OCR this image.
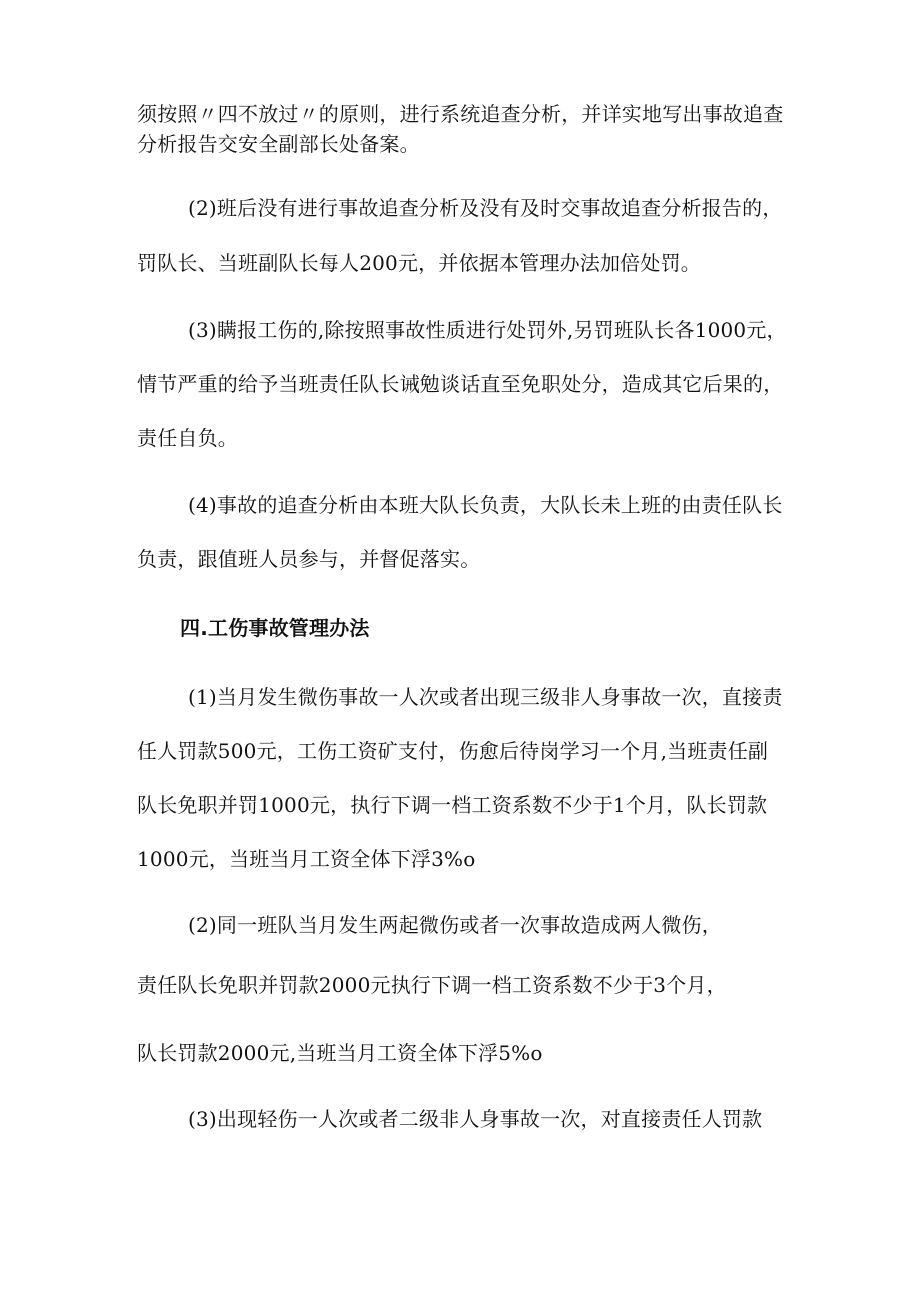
须按照〃四不放过〃的原则，进行系统追查分析，并详实地写出事故追查
分析报告交安全副部长处备案。
(2)班后没有进行事故追查分析及没有及时交事故追查分析报告的，
罚队长、当班副队长每人200元，并依据本管理办法加倍处罚。
(3)瞒报工伤的,除按照事故性质进行处罚外,另罚班队长各1000元，
情节严重的给予当班责任队长诫勉谈话直至免职处分，造成其它后果的，
责任自负。
(4)事故的追查分析由本班大队长负责，大队长未上班的由责任队长
负责，跟值班人员参与，并督促落实。
四.工伤事故管理办法
(1)当月发生微伤事故一人次或者出现三级非人身事故一次，直接责
任人罚款500元，工伤工资矿支付，伤愈后待岗学习一个月,当班责任副
队长免职并罚1000元，执行下调一档工资系数不少于1个月，队长罚款
1000元，当班当月工资全体下浮3%o
(2)同一班队当月发生两起微伤或者一次事故造成两人微伤，
责任队长免职并罚款2000元执行下调一档工资系数不少于3个月，
队长罚款2000元,当班当月工资全体下浮5%o
(3)出现轻伤一人次或者二级非人身事故一次，对直接责任人罚款
